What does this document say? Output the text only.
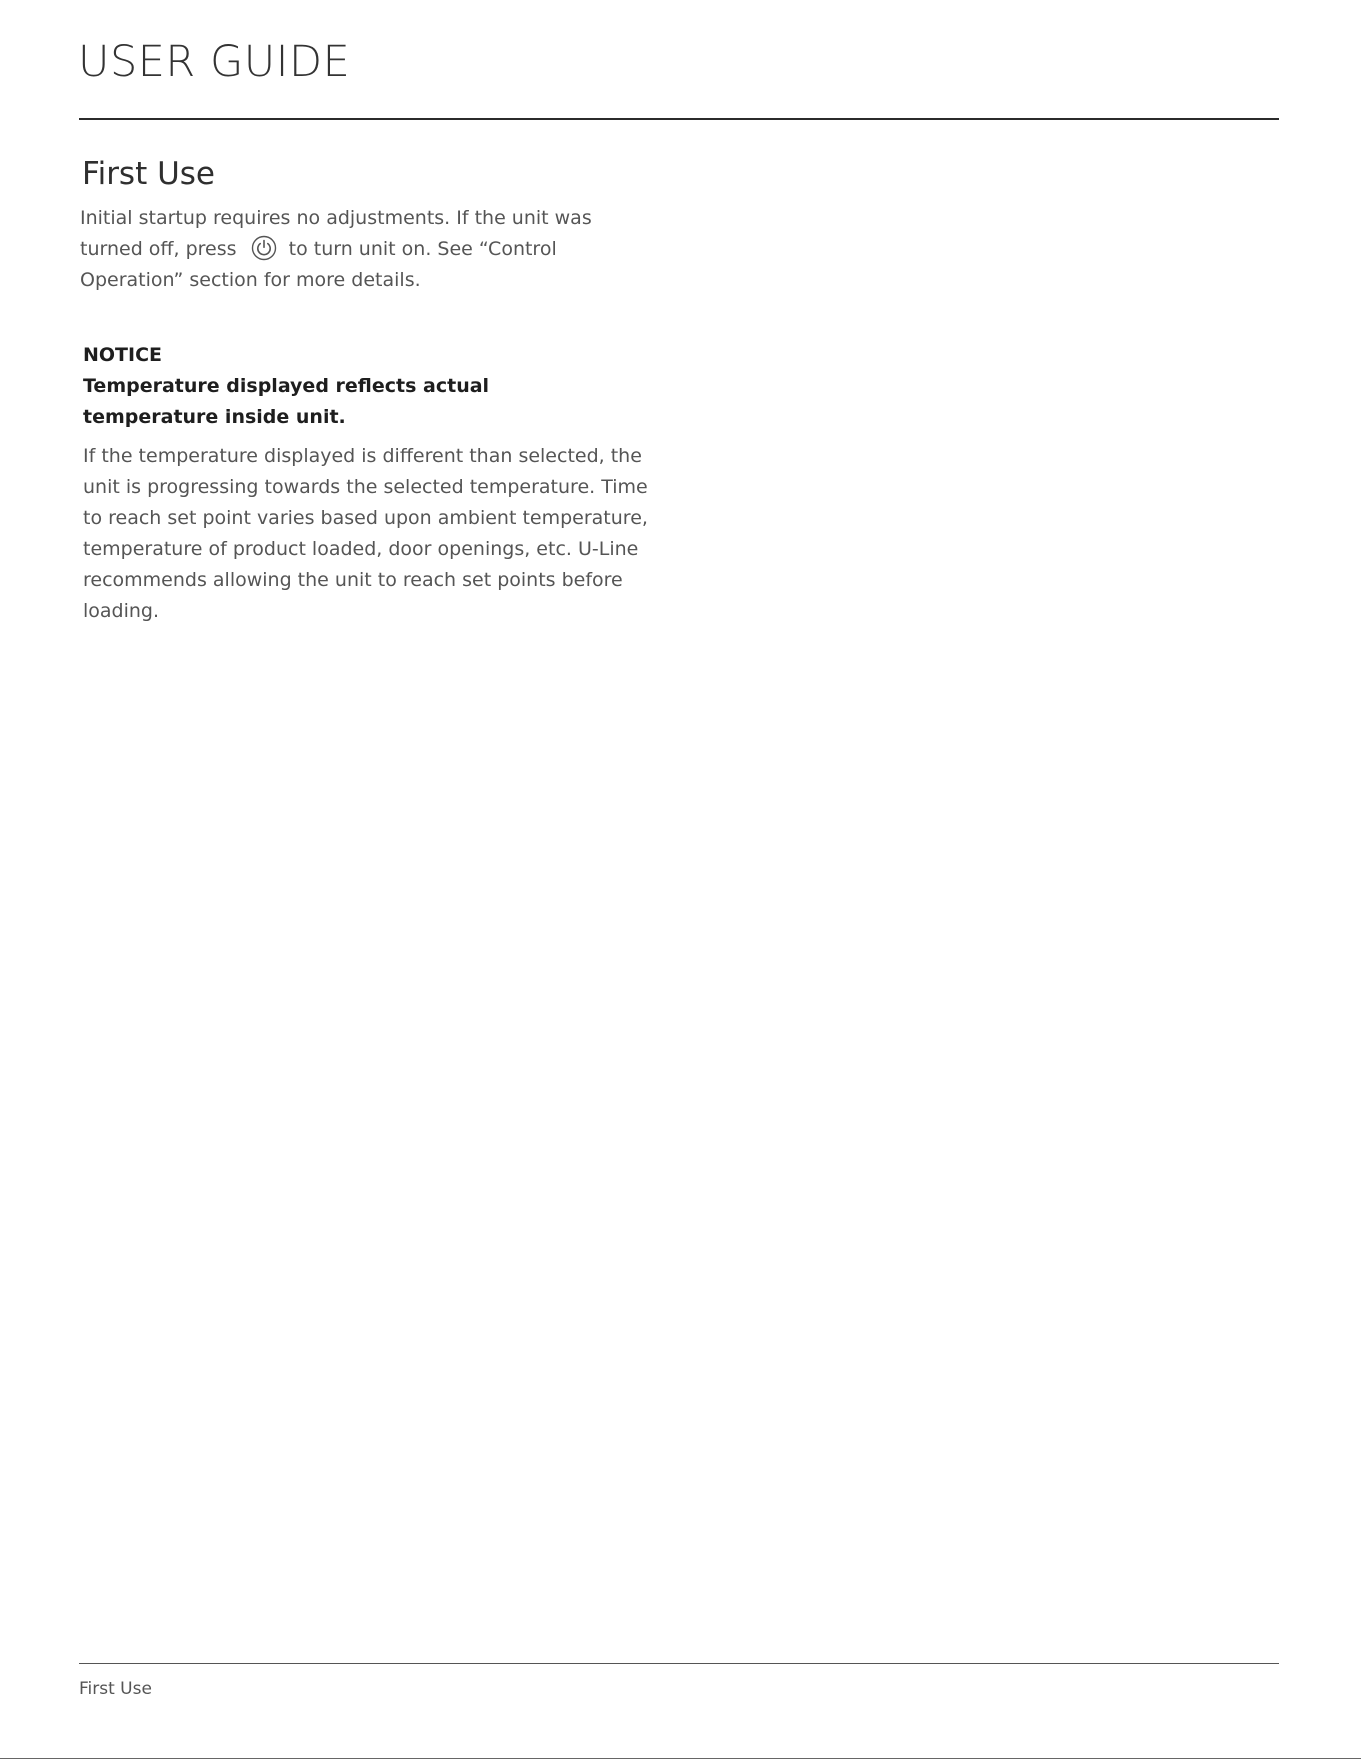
USER GUIDE
First Use

Initial startup requires no adjustments. If the unit was turned off, press	to turn unit on. See “Control Operation” section for more details.

NOTICE

Temperature displayed reflects actual temperature inside unit.

If the temperature displayed is different than selected, the unit is progressing towards the selected temperature. Time to reach set point varies based upon ambient temperature, temperature of product loaded, door openings, etc. U-Line recommends allowing the unit to reach set points before loading.

First Use
